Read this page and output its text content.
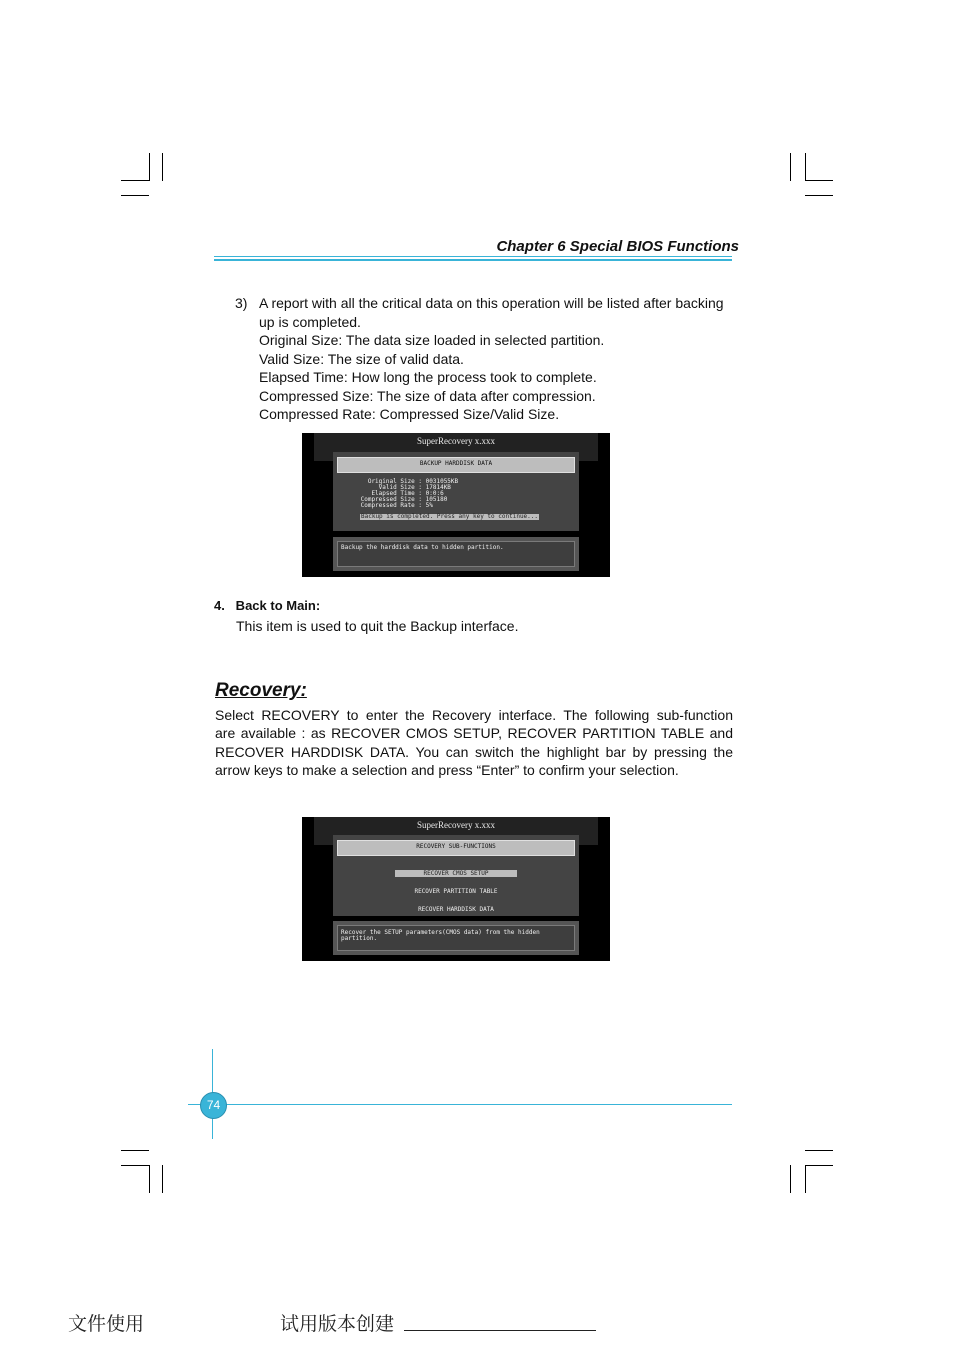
Chapter 6 Special BIOS Functions
3) A report with all the critical data on this operation will be listed after backing
up is completed.
Original Size: The data size loaded in selected partition.
Valid Size: The size of valid data.
Elapsed Time: How long the process took to complete.
Compressed Size: The size of data after compression.
Compressed Rate: Compressed Size/Valid Size.
SuperRecovery x.xxx
BACKUP HARDDISK DATA
Original Size : 0031055KB
Valid Size : 17814KB
Elapsed Time : 0:0:6
Compressed Size : 105180
Compressed Rate : 5%
Backup is completed. Press any key to continue...
Backup the harddisk data to hidden partition.
4.   Back to Main:
This item is used to quit the Backup interface.
Recovery:
Select RECOVERY to enter the Recovery interface. The following sub-function
are available : as RECOVER CMOS SETUP, RECOVER PARTITION TABLE and
RECOVER HARDDISK DATA. You can switch the highlight bar by pressing the
arrow keys to make a selection and press “Enter” to confirm your selection.
SuperRecovery x.xxx
RECOVERY SUB-FUNCTIONS
RECOVER CMOS SETUP
RECOVER PARTITION TABLE
RECOVER HARDDISK DATA
Recover the SETUP parameters(CMOS data) from the hidden
partition.
74
文件使用	试用版本创建
